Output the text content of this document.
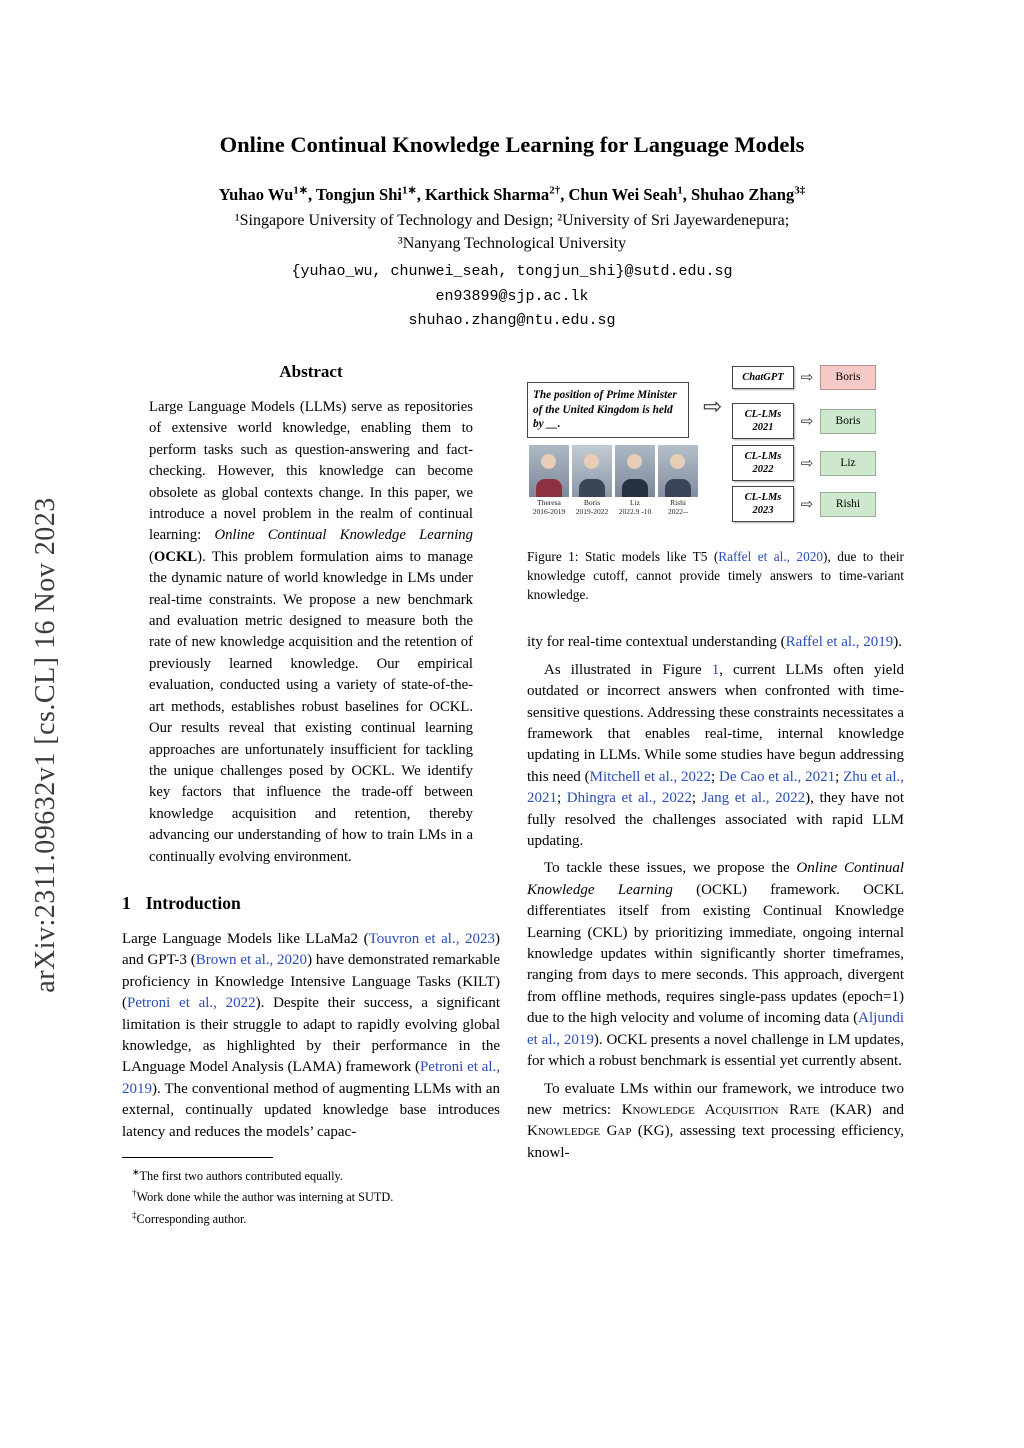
arXiv:2311.09632v1 [cs.CL] 16 Nov 2023
Online Continual Knowledge Learning for Language Models
Yuhao $Wu^{1∗}$, Tongjun Shi$^{1∗}$, Karthick Sharma$^{2\dagger}$, Chun Wei Seah$^1$, Shuhao Zhang$^{3\ddagger}$
¹Singapore University of Technology and Design; ²University of Sri Jayewardenepura;
³Nanyang Technological University
{yuhao_wu, chunwei_seah, tongjun_shi}@sutd.edu.sg
en93899@sjp.ac.lk
shuhao.zhang@ntu.edu.sg
Abstract

Large Language Models (LLMs) serve as repositories of extensive world knowledge, enabling them to perform tasks such as question-answering and fact-checking. However, this knowledge can become obsolete as global contexts change. In this paper, we introduce a novel problem in the realm of continual learning: Online Continual Knowledge Learning (OCKL). This problem formulation aims to manage the dynamic nature of world knowledge in LMs under real-time constraints. We propose a new benchmark and evaluation metric designed to measure both the rate of new knowledge acquisition and the retention of previously learned knowledge. Our empirical evaluation, conducted using a variety of state-of-the-art methods, establishes robust baselines for OCKL. Our results reveal that existing continual learning approaches are unfortunately insufficient for tackling the unique challenges posed by OCKL. We identify key factors that influence the trade-off between knowledge acquisition and retention, thereby advancing our understanding of how to train LMs in a continually evolving environment.

1 Introduction

Large Language Models like LLaMa2 (Touvron et al., 2023) and GPT-3 (Brown et al., 2020) have demonstrated remarkable proficiency in Knowledge Intensive Language Tasks (KILT) (Petroni et al., 2022). Despite their success, a significant limitation is their struggle to adapt to rapidly evolving global knowledge, as highlighted by their performance in the LAnguage Model Analysis (LAMA) framework (Petroni et al., 2019). The conventional method of augmenting LLMs with an external, continually updated knowledge base introduces latency and reduces the models’ capac-

∗The first two authors contributed equally.

†Work done while the author was interning at SUTD.

‡Corresponding author.

The position of Prime Minister of the United Kingdom is held by __.
⇨
Theresa
2016-2019
Boris
2019-2022
Liz
2022.9 -10
Rishi
2022--
ChatGPT	⇨	Boris
CL-LMs
2021	⇨	Boris
CL-LMs
2022	⇨	Liz
CL-LMs
2023	⇨	Rishi
Figure 1: Static models like T5 (Raffel et al., 2020), due to their knowledge cutoff, cannot provide timely answers to time-variant knowledge.

ity for real-time contextual understanding (Raffel et al., 2019).

As illustrated in Figure 1, current LLMs often yield outdated or incorrect answers when confronted with time-sensitive questions. Addressing these constraints necessitates a framework that enables real-time, internal knowledge updating in LLMs. While some studies have begun addressing this need (Mitchell et al., 2022; De Cao et al., 2021; Zhu et al., 2021; Dhingra et al., 2022; Jang et al., 2022), they have not fully resolved the challenges associated with rapid LLM updating.

To tackle these issues, we propose the Online Continual Knowledge Learning (OCKL) framework. OCKL differentiates itself from existing Continual Knowledge Learning (CKL) by prioritizing immediate, ongoing internal knowledge updates within significantly shorter timeframes, ranging from days to mere seconds. This approach, divergent from offline methods, requires single-pass updates (epoch=1) due to the high velocity and volume of incoming data (Aljundi et al., 2019). OCKL presents a novel challenge in LM updates, for which a robust benchmark is essential yet currently absent.

To evaluate LMs within our framework, we introduce two new metrics: Knowledge Acquisition Rate (KAR) and Knowledge Gap (KG), assessing text processing efficiency, knowl-
